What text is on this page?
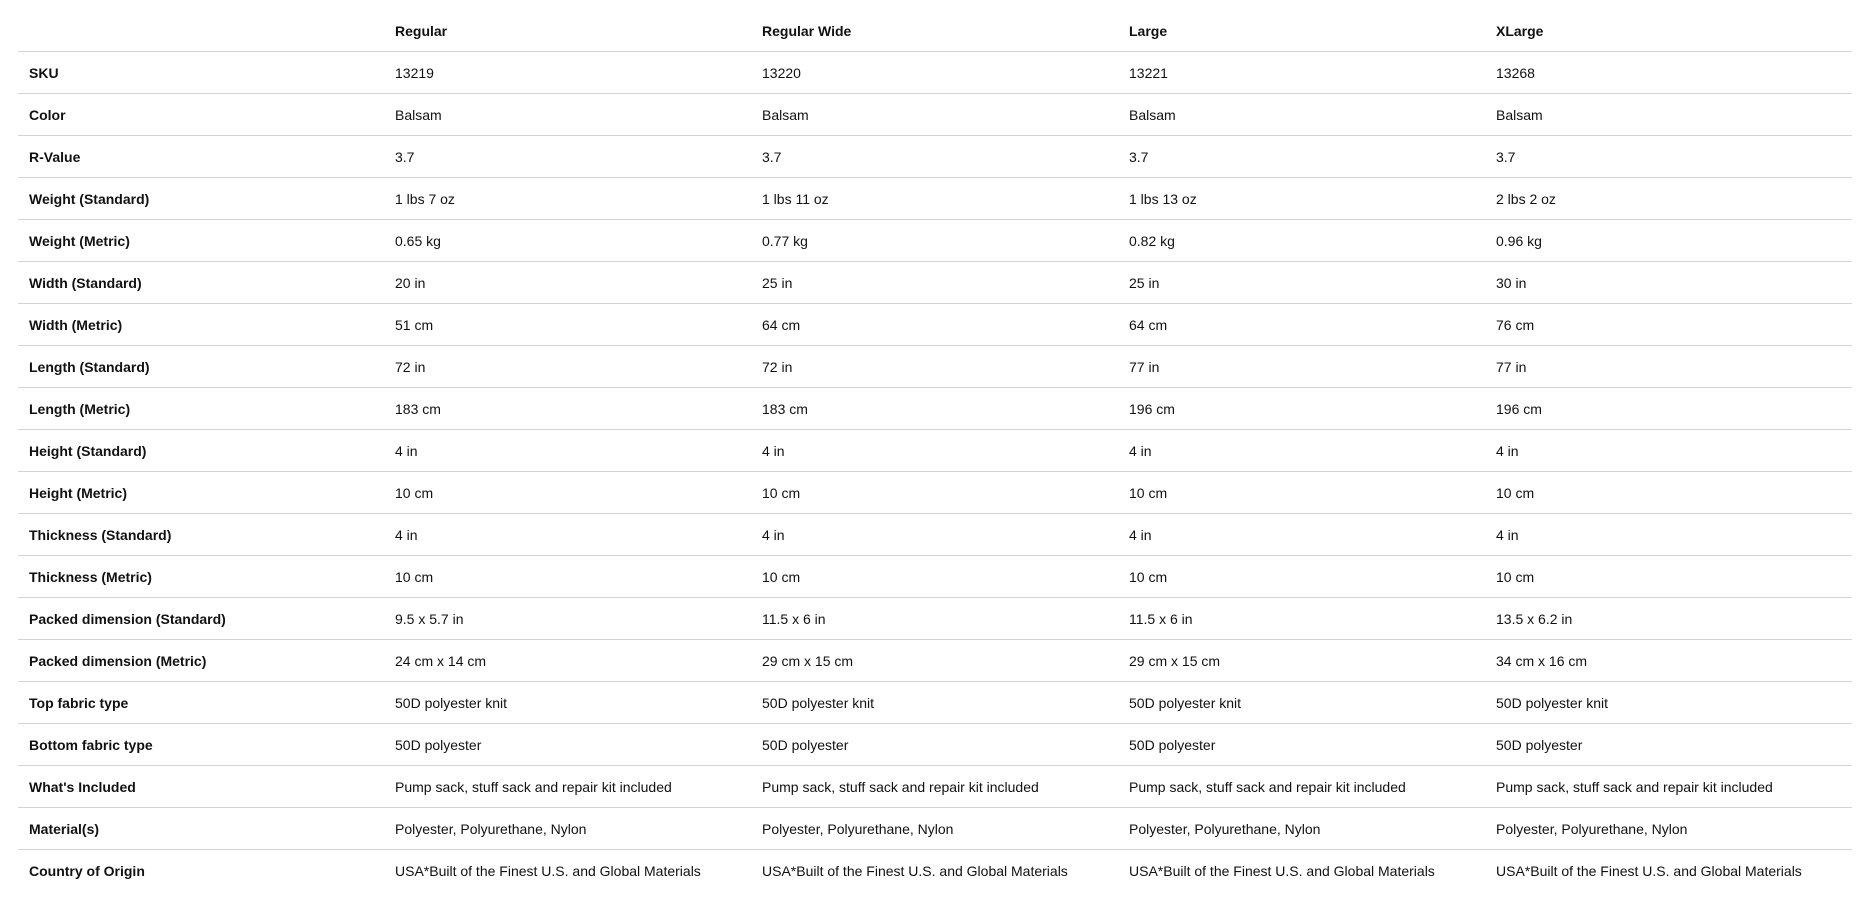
	Regular	Regular Wide	Large	XLarge
SKU	13219	13220	13221	13268
Color	Balsam	Balsam	Balsam	Balsam
R-Value	3.7	3.7	3.7	3.7
Weight (Standard)	1 lbs 7 oz	1 lbs 11 oz	1 lbs 13 oz	2 lbs 2 oz
Weight (Metric)	0.65 kg	0.77 kg	0.82 kg	0.96 kg
Width (Standard)	20 in	25 in	25 in	30 in
Width (Metric)	51 cm	64 cm	64 cm	76 cm
Length (Standard)	72 in	72 in	77 in	77 in
Length (Metric)	183 cm	183 cm	196 cm	196 cm
Height (Standard)	4 in	4 in	4 in	4 in
Height (Metric)	10 cm	10 cm	10 cm	10 cm
Thickness (Standard)	4 in	4 in	4 in	4 in
Thickness (Metric)	10 cm	10 cm	10 cm	10 cm
Packed dimension (Standard)	9.5 x 5.7 in	11.5 x 6 in	11.5 x 6 in	13.5 x 6.2 in
Packed dimension (Metric)	24 cm x 14 cm	29 cm x 15 cm	29 cm x 15 cm	34 cm x 16 cm
Top fabric type	50D polyester knit	50D polyester knit	50D polyester knit	50D polyester knit
Bottom fabric type	50D polyester	50D polyester	50D polyester	50D polyester
What's Included	Pump sack, stuff sack and repair kit included	Pump sack, stuff sack and repair kit included	Pump sack, stuff sack and repair kit included	Pump sack, stuff sack and repair kit included
Material(s)	Polyester, Polyurethane, Nylon	Polyester, Polyurethane, Nylon	Polyester, Polyurethane, Nylon	Polyester, Polyurethane, Nylon
Country of Origin	USA*Built of the Finest U.S. and Global Materials	USA*Built of the Finest U.S. and Global Materials	USA*Built of the Finest U.S. and Global Materials	USA*Built of the Finest U.S. and Global Materials
